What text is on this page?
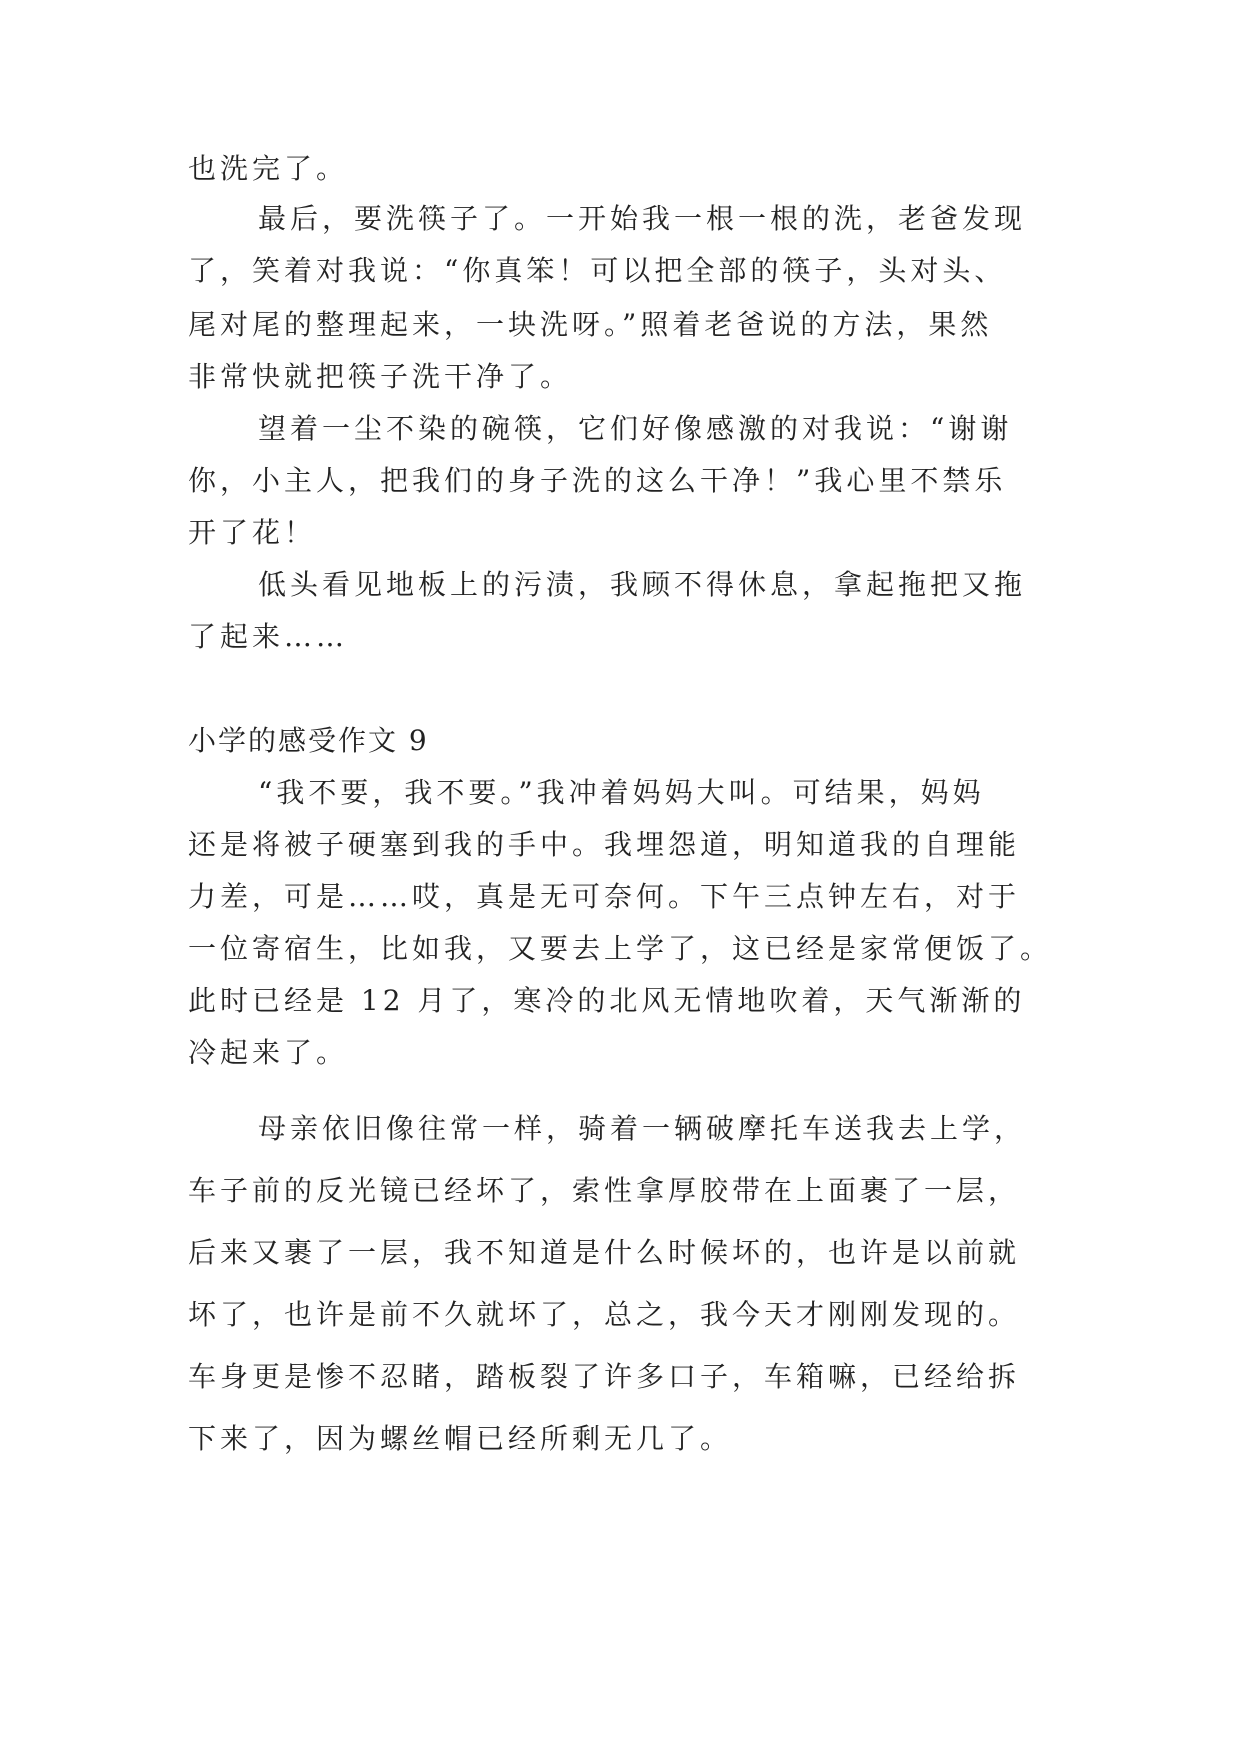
也洗完了。
最后，要洗筷子了。一开始我一根一根的洗，老爸发现
了，笑着对我说：“你真笨！可以把全部的筷子，头对头、
尾对尾的整理起来，一块洗呀。”照着老爸说的方法，果然
非常快就把筷子洗干净了。
望着一尘不染的碗筷，它们好像感激的对我说：“谢谢
你，小主人，把我们的身子洗的这么干净！”我心里不禁乐
开了花！
低头看见地板上的污渍，我顾不得休息，拿起拖把又拖
了起来……
小学的感受作文 9
“我不要，我不要。”我冲着妈妈大叫。可结果，妈妈
还是将被子硬塞到我的手中。我埋怨道，明知道我的自理能
力差，可是……哎，真是无可奈何。下午三点钟左右，对于
一位寄宿生，比如我，又要去上学了，这已经是家常便饭了。
此时已经是 12 月了，寒冷的北风无情地吹着，天气渐渐的
冷起来了。
母亲依旧像往常一样，骑着一辆破摩托车送我去上学，
车子前的反光镜已经坏了，索性拿厚胶带在上面裹了一层，
后来又裹了一层，我不知道是什么时候坏的，也许是以前就
坏了，也许是前不久就坏了，总之，我今天才刚刚发现的。
车身更是惨不忍睹，踏板裂了许多口子，车箱嘛，已经给拆
下来了，因为螺丝帽已经所剩无几了。
